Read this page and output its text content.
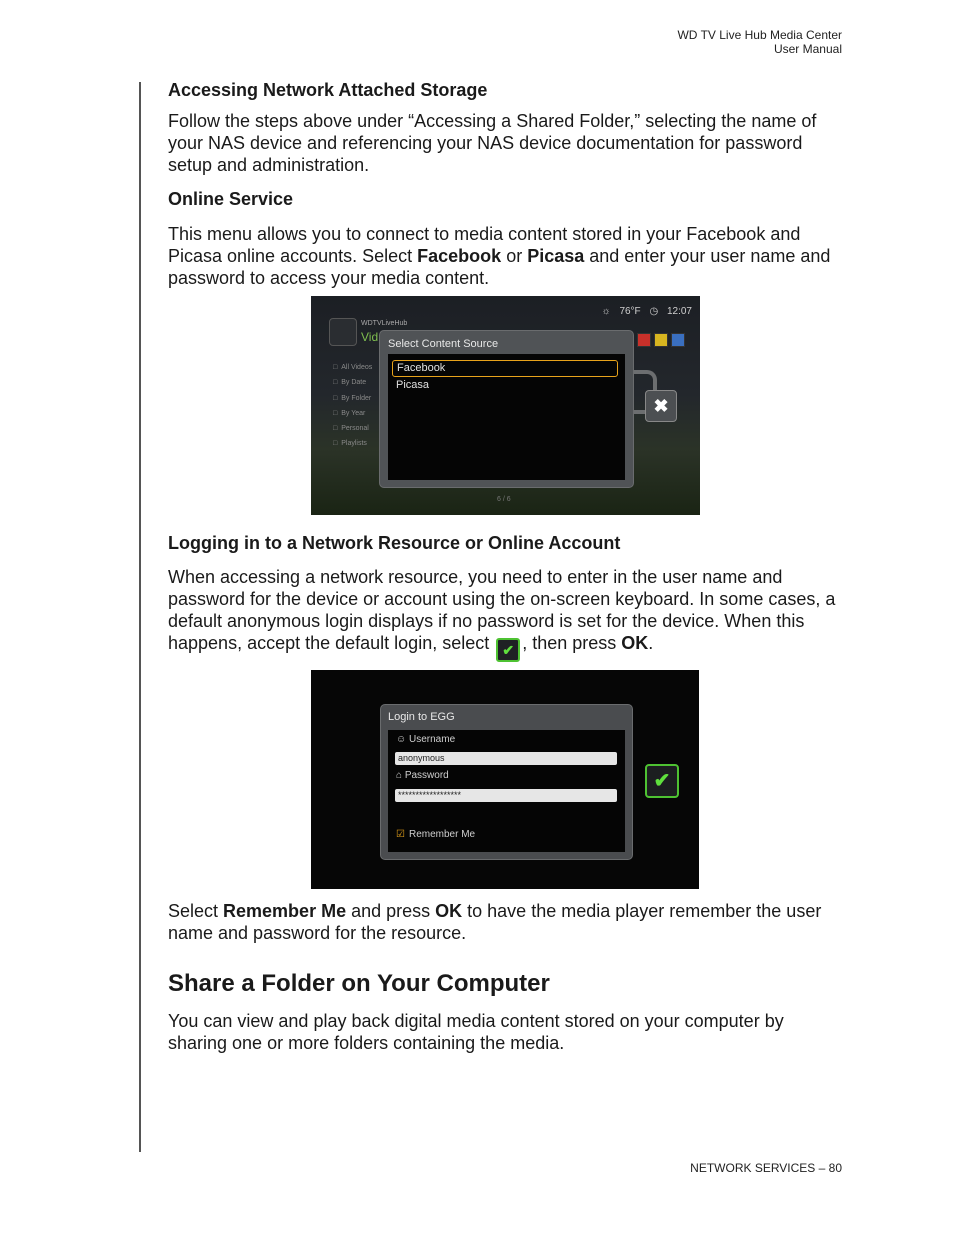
WD TV Live Hub Media Center
User Manual
Accessing Network Attached Storage

Follow the steps above under “Accessing a Shared Folder,” selecting the name of your NAS device and referencing your NAS device documentation for password setup and administration.

Online Service

This menu allows you to connect to media content stored in your Facebook and Picasa online accounts. Select Facebook or Picasa and enter your user name and password to access your media content.

☼ 76°F ◷ 12:07
WDTVLiveHub
Vid
□ All Videos
□ By Date
□ By Folder
□ By Year
□ Personal
□ Playlists
Select Content Source
Facebook
Picasa
✖
6 / 6
Logging in to a Network Resource or Online Account

When accessing a network resource, you need to enter in the user name and password for the device or account using the on-screen keyboard. In some cases, a default anonymous login displays if no password is set for the device. When this happens, accept the default login, select ✔ , then press OK.

Login to EGG
☺ Username
anonymous
⌂ Password
******************
☑ Remember Me
✔

Select Remember Me and press OK to have the media player remember the user name and password for the resource.

Share a Folder on Your Computer

You can view and play back digital media content stored on your computer by sharing one or more folders containing the media.

NETWORK SERVICES – 80
